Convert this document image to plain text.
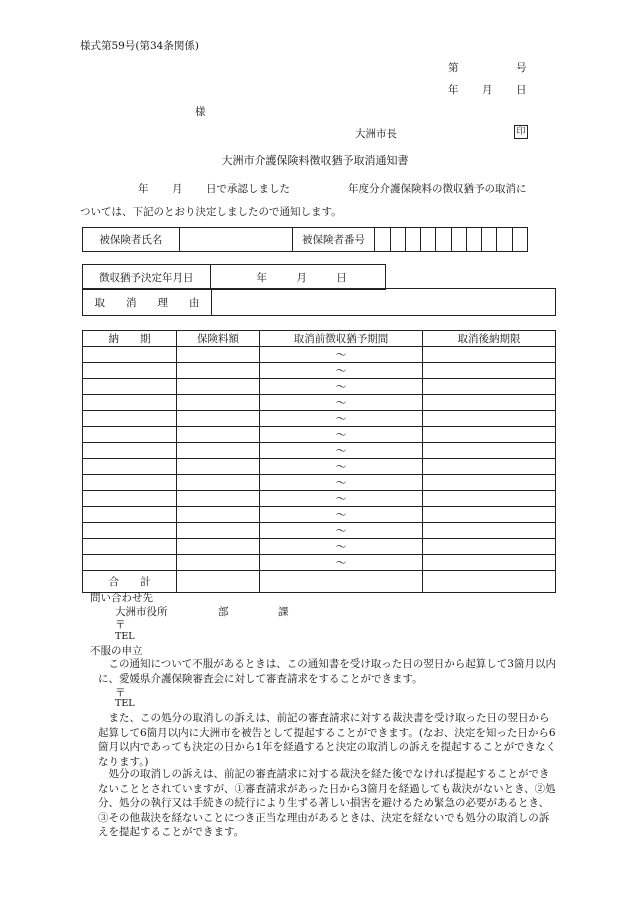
様式第59号(第34条関係)
第	号
年 月 日
様
大洲市長	印
大洲市介護保険料徴収猶予取消通知書
年 月 日で承認しました	年度分介護保険料の徴収猶予の取消に
ついては、下記のとおり決定しましたので通知します。
被保険者氏名		被保険者番号										
徴収猶予決定年月日	年	月	日
取　　消　　理　　由	
納　　期	保険料額	取消前徴収猶予期間	取消後納期限
		～	
		～	
		～	
		～	
		～	
		～	
		～	
		～	
		～	
		～	
		～	
		～	
		～	
		～	
合　　計			
問い合わせ先
大洲市役所	部	課
〒
TEL
不服の申立
この通知について不服があるときは、この通知書を受け取った日の翌日から起算して3箇月以内に、愛媛県介護保険審査会に対して審査請求をすることができます。
〒
TEL
また、この処分の取消しの訴えは、前記の審査請求に対する裁決書を受け取った日の翌日から起算して6箇月以内に大洲市を被告として提起することができます。(なお、決定を知った日から6箇月以内であっても決定の日から1年を経過すると決定の取消しの訴えを提起することができなくなります。)
処分の取消しの訴えは、前記の審査請求に対する裁決を経た後でなければ提起することができないこととされていますが、①審査請求があった日から3箇月を経過しても裁決がないとき、②処分、処分の執行又は手続きの続行により生ずる著しい損害を避けるため緊急の必要があるとき、③その他裁決を経ないことにつき正当な理由があるときは、決定を経ないでも処分の取消しの訴えを提起することができます。
